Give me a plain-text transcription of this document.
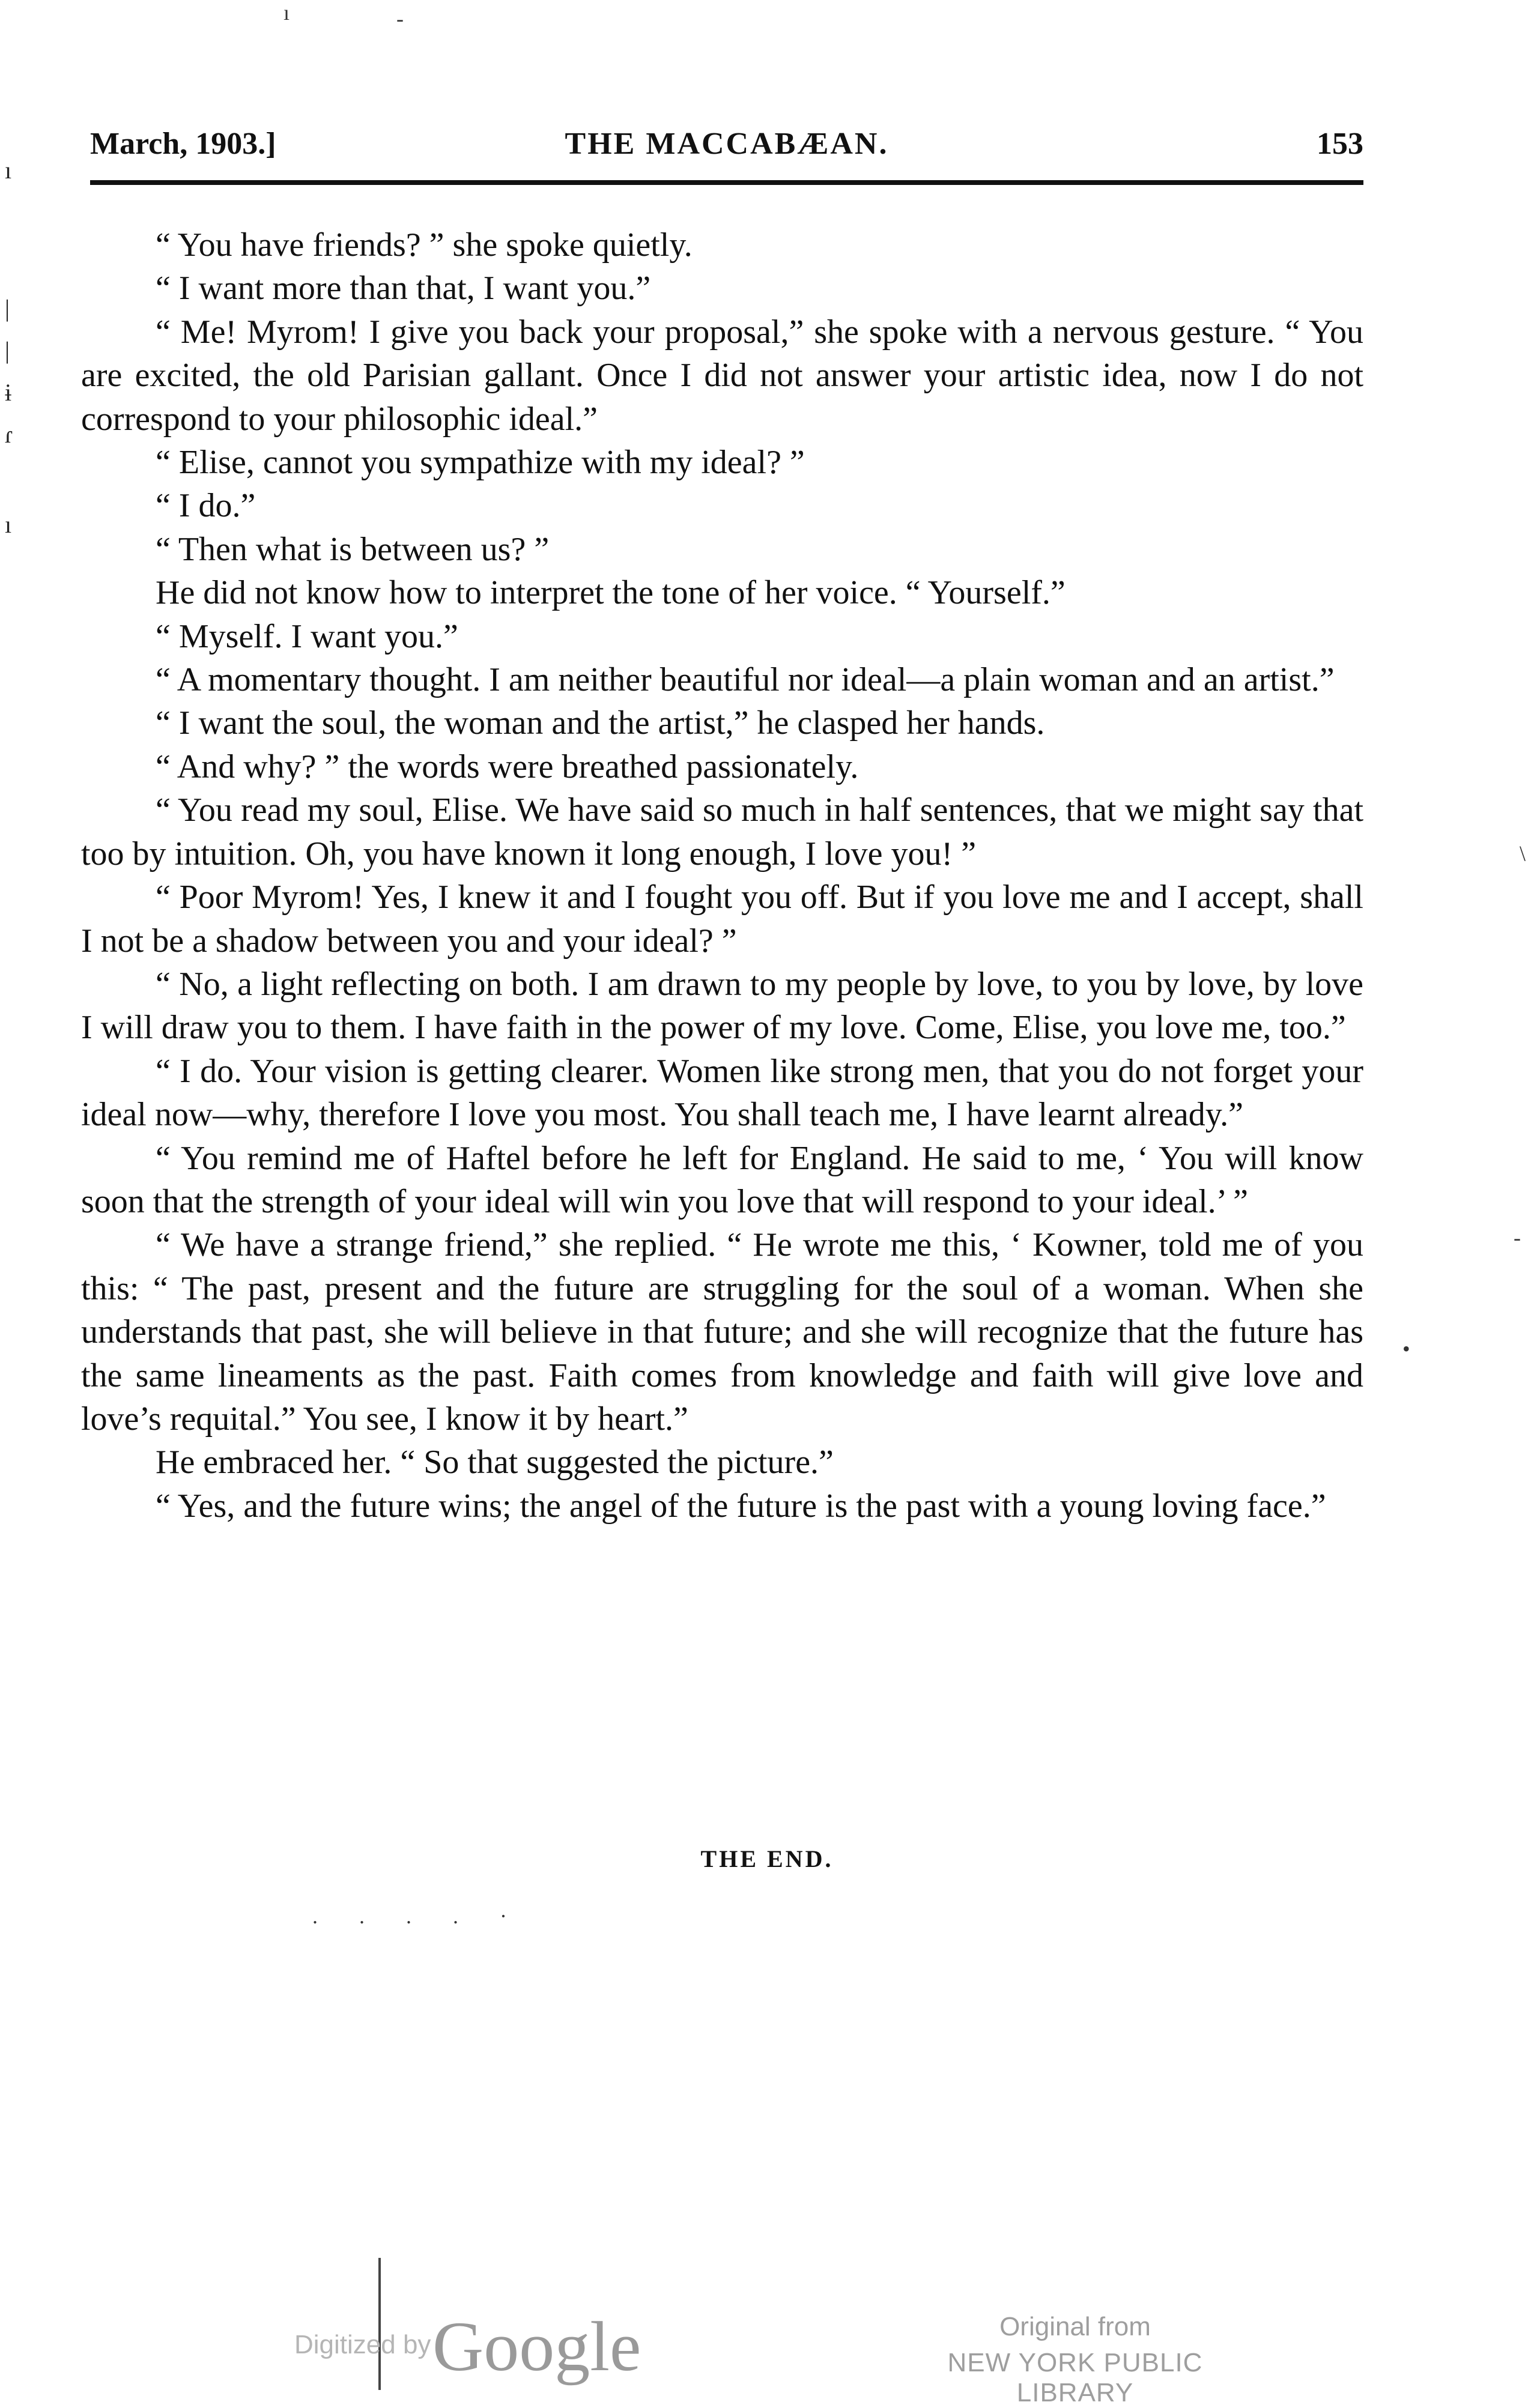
March, 1903.]	THE MACCABÆAN.	153
ı
|
|
ɨ
ɾ
ı
ı	-
\
-
•

“ You have friends? ” she spoke quietly.

“ I want more than that, I want you.”

“ Me! Myrom! I give you back your proposal,” she spoke with a nervous gesture. “ You are excited, the old Parisian gallant. Once I did not answer your artistic idea, now I do not correspond to your philosophic ideal.”

“ Elise, cannot you sympathize with my ideal? ”

“ I do.”

“ Then what is between us? ”

He did not know how to interpret the tone of her voice. “ Yourself.”

“ Myself. I want you.”

“ A momentary thought. I am neither beautiful nor ideal—a plain woman and an artist.”

“ I want the soul, the woman and the artist,” he clasped her hands.

“ And why? ” the words were breathed passionately.

“ You read my soul, Elise. We have said so much in half sentences, that we might say that too by intuition. Oh, you have known it long enough, I love you! ”

“ Poor Myrom! Yes, I knew it and I fought you off. But if you love me and I accept, shall I not be a shadow between you and your ideal? ”

“ No, a light reflecting on both. I am drawn to my people by love, to you by love, by love I will draw you to them. I have faith in the power of my love. Come, Elise, you love me, too.”

“ I do. Your vision is getting clearer. Women like strong men, that you do not forget your ideal now—why, therefore I love you most. You shall teach me, I have learnt already.”

“ You remind me of Haftel before he left for England. He said to me, ‘ You will know soon that the strength of your ideal will win you love that will respond to your ideal.’ ”

“ We have a strange friend,” she replied. “ He wrote me this, ‘ Kowner, told me of you this: “ The past, present and the future are struggling for the soul of a woman. When she understands that past, she will believe in that future; and she will recognize that the future has the same lineaments as the past. Faith comes from knowledge and faith will give love and love’s requital.” You see, I know it by heart.”

He embraced her. “ So that suggested the picture.”

“ Yes, and the future wins; the angel of the future is the past with a young loving face.”

THE END.
. . . . ·
Digitized by Google	Original from
NEW YORK PUBLIC LIBRARY
